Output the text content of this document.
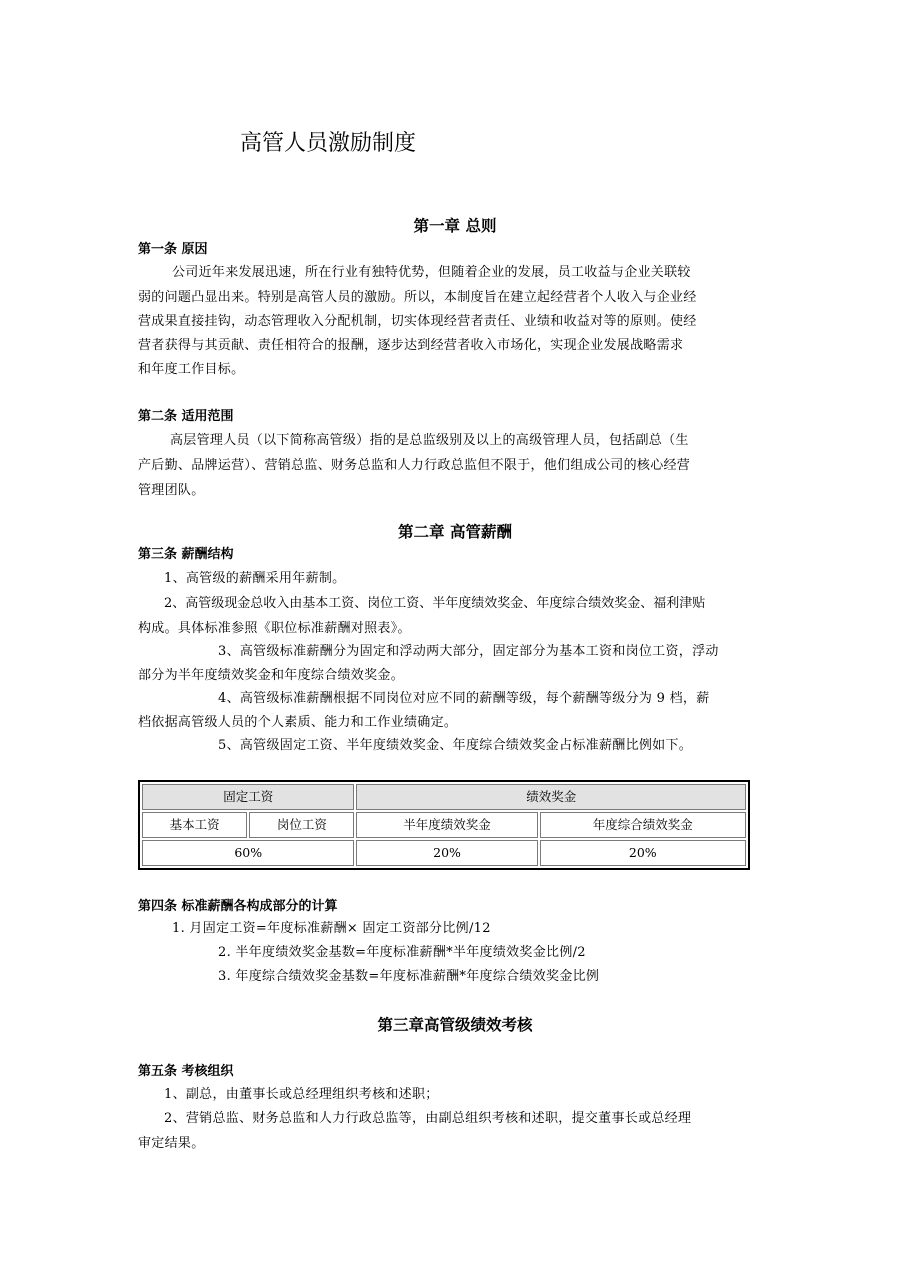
高管人员激励制度
第一章 总则
第一条 原因

公司近年来发展迅速，所在行业有独特优势，但随着企业的发展，员工收益与企业关联较

弱的问题凸显出来。特别是高管人员的激励。所以，本制度旨在建立起经营者个人收入与企业经

营成果直接挂钩，动态管理收入分配机制，切实体现经营者责任、业绩和收益对等的原则。使经

营者获得与其贡献、责任相符合的报酬，逐步达到经营者收入市场化，实现企业发展战略需求

和年度工作目标。

第二条 适用范围

高层管理人员（以下简称高管级）指的是总监级别及以上的高级管理人员，包括副总（生

产后勤、品牌运营）、营销总监、财务总监和人力行政总监但不限于，他们组成公司的核心经营

管理团队。

第二章 高管薪酬
第三条 薪酬结构

1、高管级的薪酬采用年薪制。

2、高管级现金总收入由基本工资、岗位工资、半年度绩效奖金、年度综合绩效奖金、福利津贴

构成。具体标准参照《职位标准薪酬对照表》。

3、高管级标准薪酬分为固定和浮动两大部分，固定部分为基本工资和岗位工资，浮动

部分为半年度绩效奖金和年度综合绩效奖金。

4、高管级标准薪酬根据不同岗位对应不同的薪酬等级，每个薪酬等级分为 9 档，薪

档依据高管级人员的个人素质、能力和工作业绩确定。

5、高管级固定工资、半年度绩效奖金、年度综合绩效奖金占标准薪酬比例如下。

固定工资		绩效奖金	
基本工资	岗位工资	半年度绩效奖金	年度综合绩效奖金
60%		20%	20%
第四条 标准薪酬各构成部分的计算

1. 月固定工资=年度标准薪酬× 固定工资部分比例/12

2. 半年度绩效奖金基数=年度标准薪酬*半年度绩效奖金比例/2

3. 年度综合绩效奖金基数=年度标准薪酬*年度综合绩效奖金比例

第三章高管级绩效考核
第五条 考核组织

1、副总，由董事长或总经理组织考核和述职；

2、营销总监、财务总监和人力行政总监等，由副总组织考核和述职，提交董事长或总经理

审定结果。
